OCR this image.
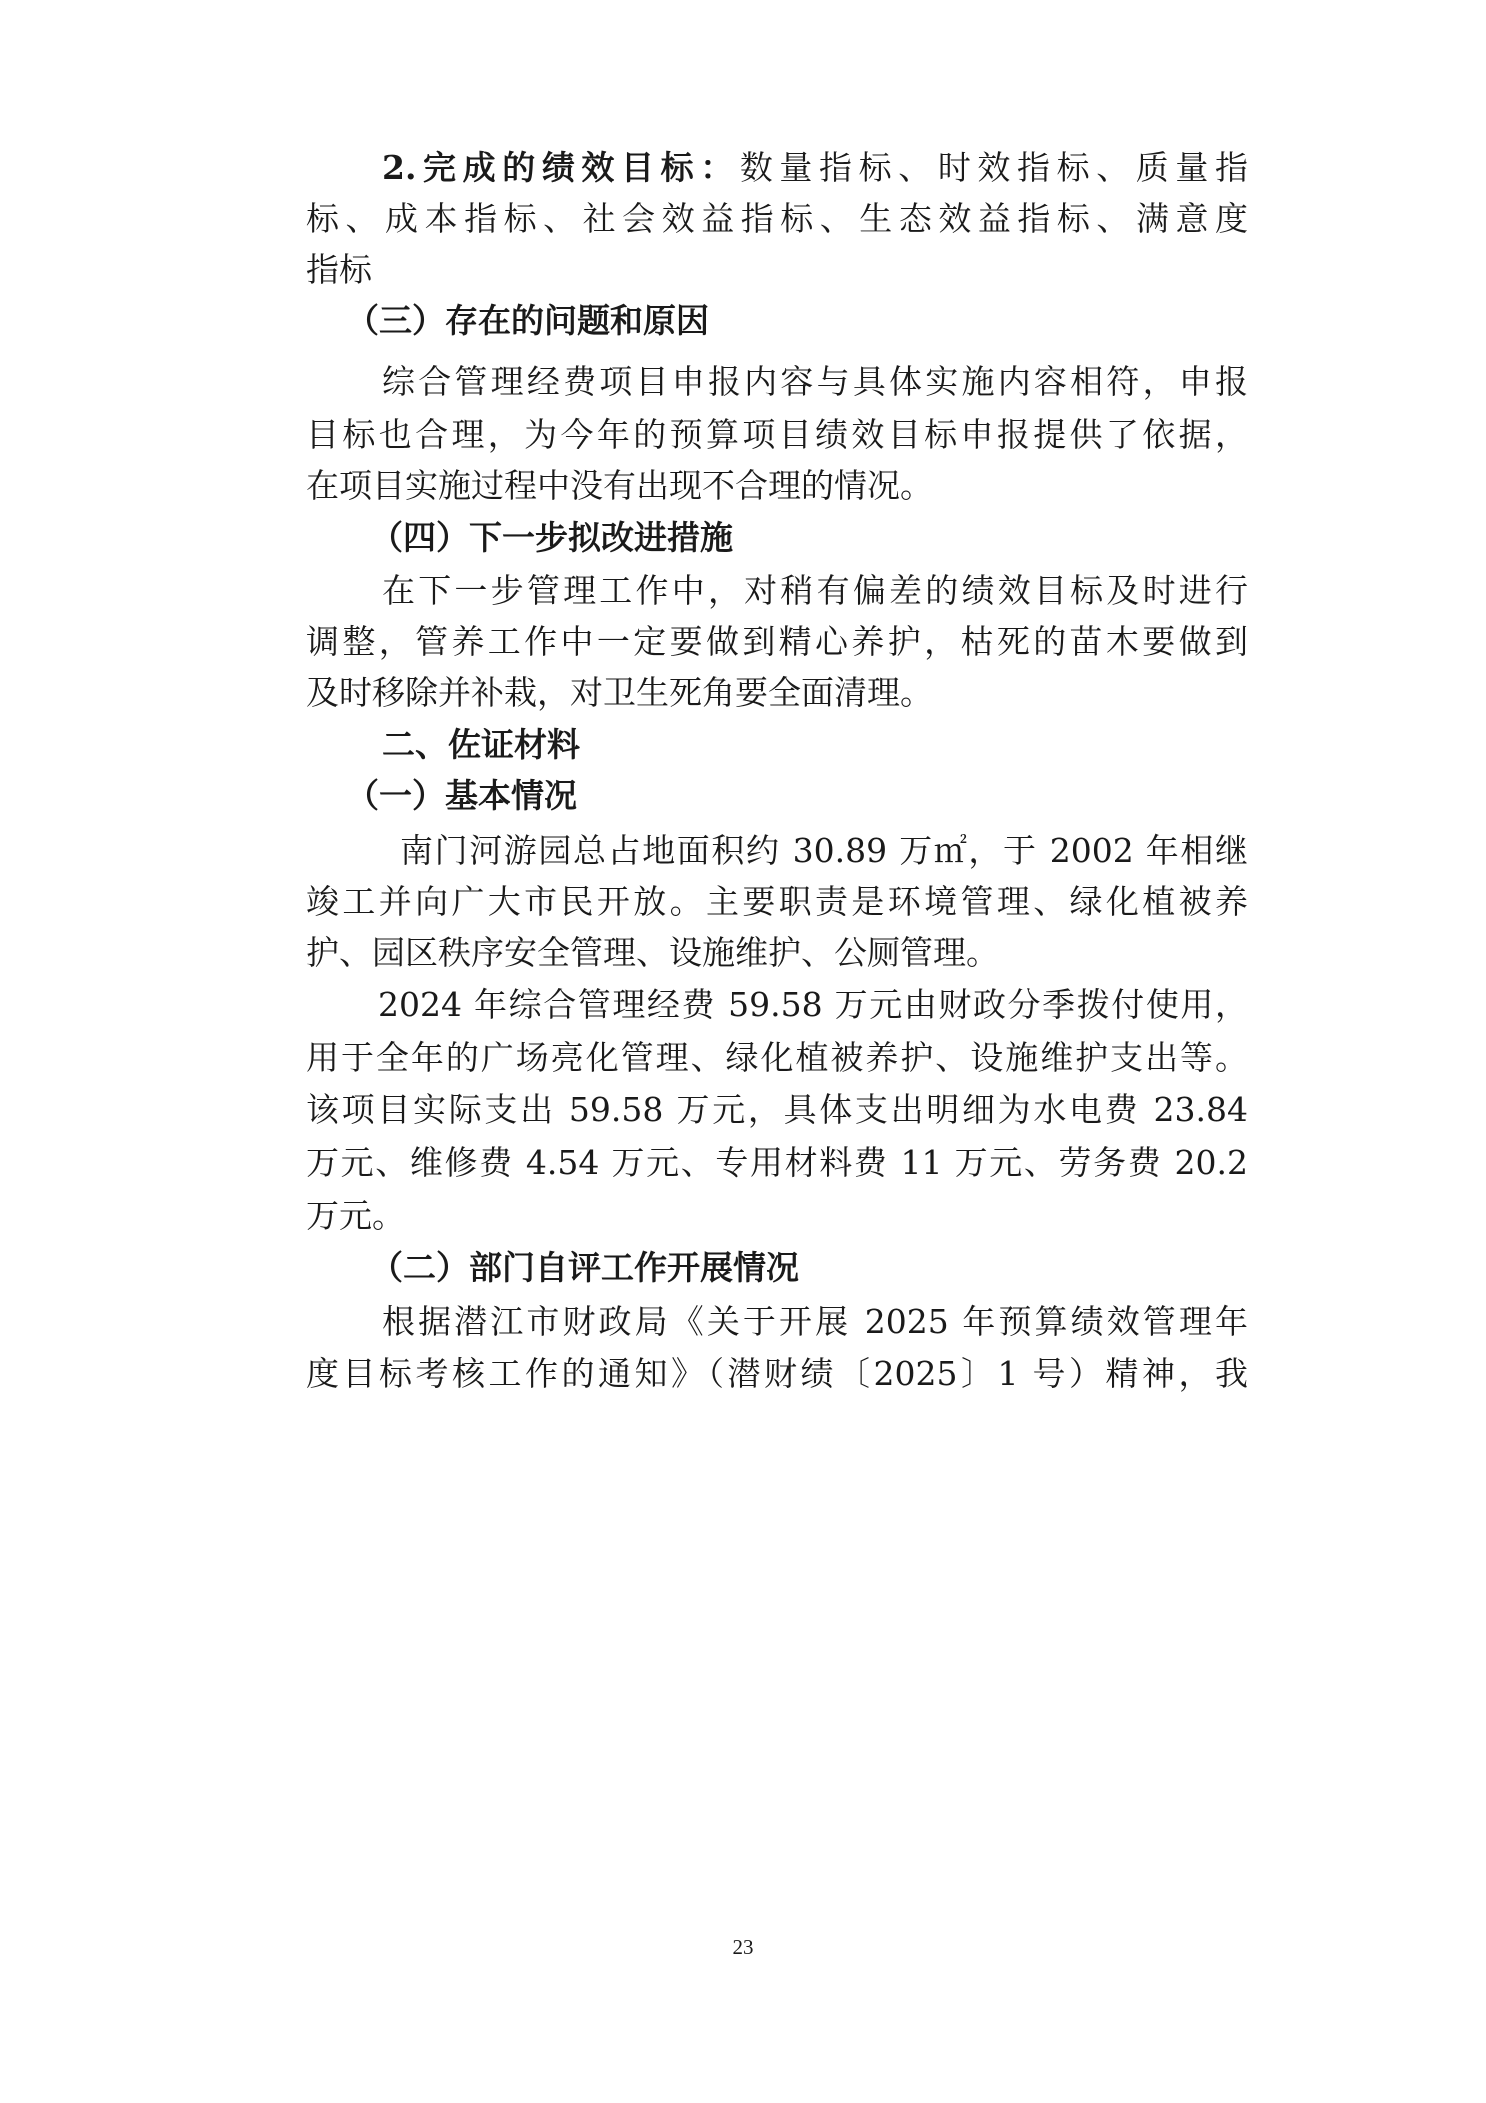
2.完成的绩效目标：数量指标、时效指标、质量指
标、成本指标、社会效益指标、生态效益指标、满意度
指标
（三）存在的问题和原因
综合管理经费项目申报内容与具体实施内容相符，申报
目标也合理，为今年的预算项目绩效目标申报提供了依据，
在项目实施过程中没有出现不合理的情况。
（四）下一步拟改进措施
在下一步管理工作中，对稍有偏差的绩效目标及时进行
调整，管养工作中一定要做到精心养护，枯死的苗木要做到
及时移除并补栽，对卫生死角要全面清理。
二、佐证材料
（一）基本情况
南门河游园总占地面积约 30.89 万㎡，于 2002 年相继
竣工并向广大市民开放。主要职责是环境管理、绿化植被养
护、园区秩序安全管理、设施维护、公厕管理。
2024 年综合管理经费 59.58 万元由财政分季拨付使用，
用于全年的广场亮化管理、绿化植被养护、设施维护支出等。
该项目实际支出 59.58 万元，具体支出明细为水电费 23.84
万元、维修费 4.54 万元、专用材料费 11 万元、劳务费 20.2
万元。
（二）部门自评工作开展情况
根据潜江市财政局《关于开展 2025 年预算绩效管理年
度目标考核工作的通知》（潜财绩〔2025〕1 号）精神，我
23
